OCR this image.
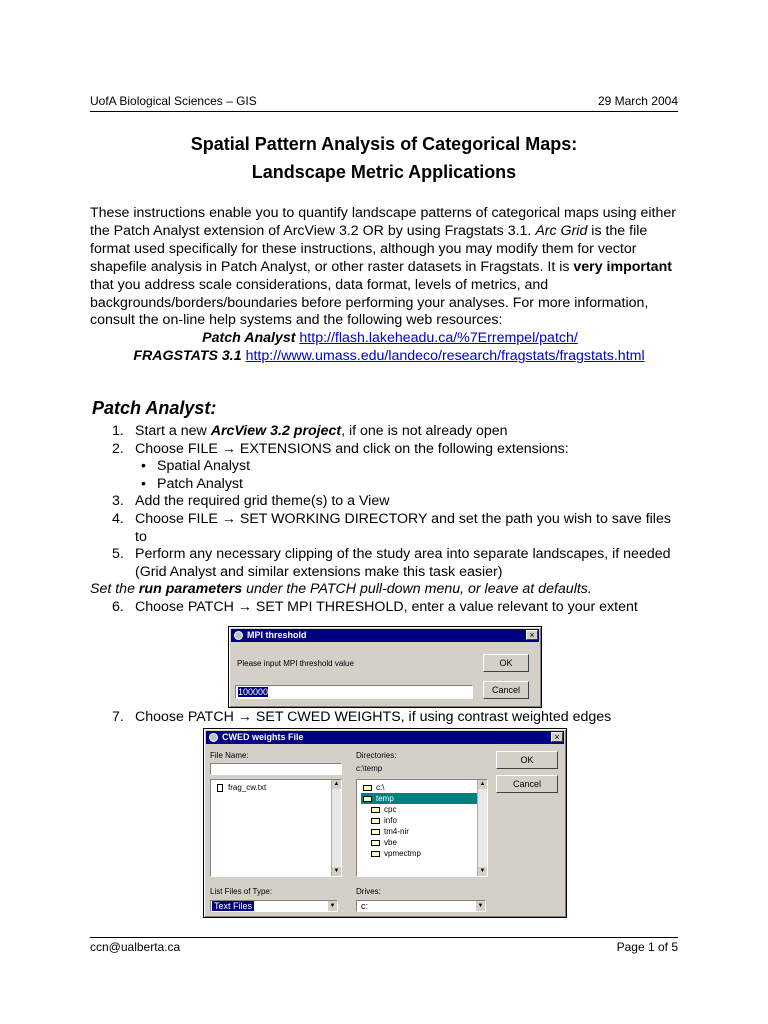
UofA Biological Sciences – GIS	29 March 2004
Spatial Pattern Analysis of Categorical Maps:
Landscape Metric Applications

These instructions enable you to quantify landscape patterns of categorical maps using either the Patch Analyst extension of ArcView 3.2 OR by using Fragstats 3.1. Arc Grid is the file format used specifically for these instructions, although you may modify them for vector shapefile analysis in Patch Analyst, or other raster datasets in Fragstats. It is very important that you address scale considerations, data format, levels of metrics, and backgrounds/borders/boundaries before performing your analyses. For more information, consult the on-line help systems and the following web resources:

Patch Analyst http://flash.lakeheadu.ca/%7Errempel/patch/
FRAGSTATS 3.1 http://www.umass.edu/landeco/research/fragstats/fragstats.html
Patch Analyst:
1. Start a new ArcView 3.2 project, if one is not already open
2. Choose FILE → EXTENSIONS and click on the following extensions:
• Spatial Analyst
• Patch Analyst
3. Add the required grid theme(s) to a View
4. Choose FILE → SET WORKING DIRECTORY and set the path you wish to save files to
5. Perform any necessary clipping of the study area into separate landscapes, if needed (Grid Analyst and similar extensions make this task easier)
Set the run parameters under the PATCH pull-down menu, or leave at defaults.
6. Choose PATCH → SET MPI THRESHOLD, enter a value relevant to your extent
MPI threshold	×
Please input MPI threshold value
100000
OK
Cancel
7. Choose PATCH → SET CWED WEIGHTS, if using contrast weighted edges
CWED weights File	×
File Name:
frag_cw.txt	▲
▼
Directories:
c:\temp
c:\
temp
cpc
info
tm4-nir
vbe
vpmectmp
▲
▼
OK
Cancel
List Files of Type:
Text Files	▼
Drives:
c:	▼
ccn@ualberta.ca	Page 1 of 5
